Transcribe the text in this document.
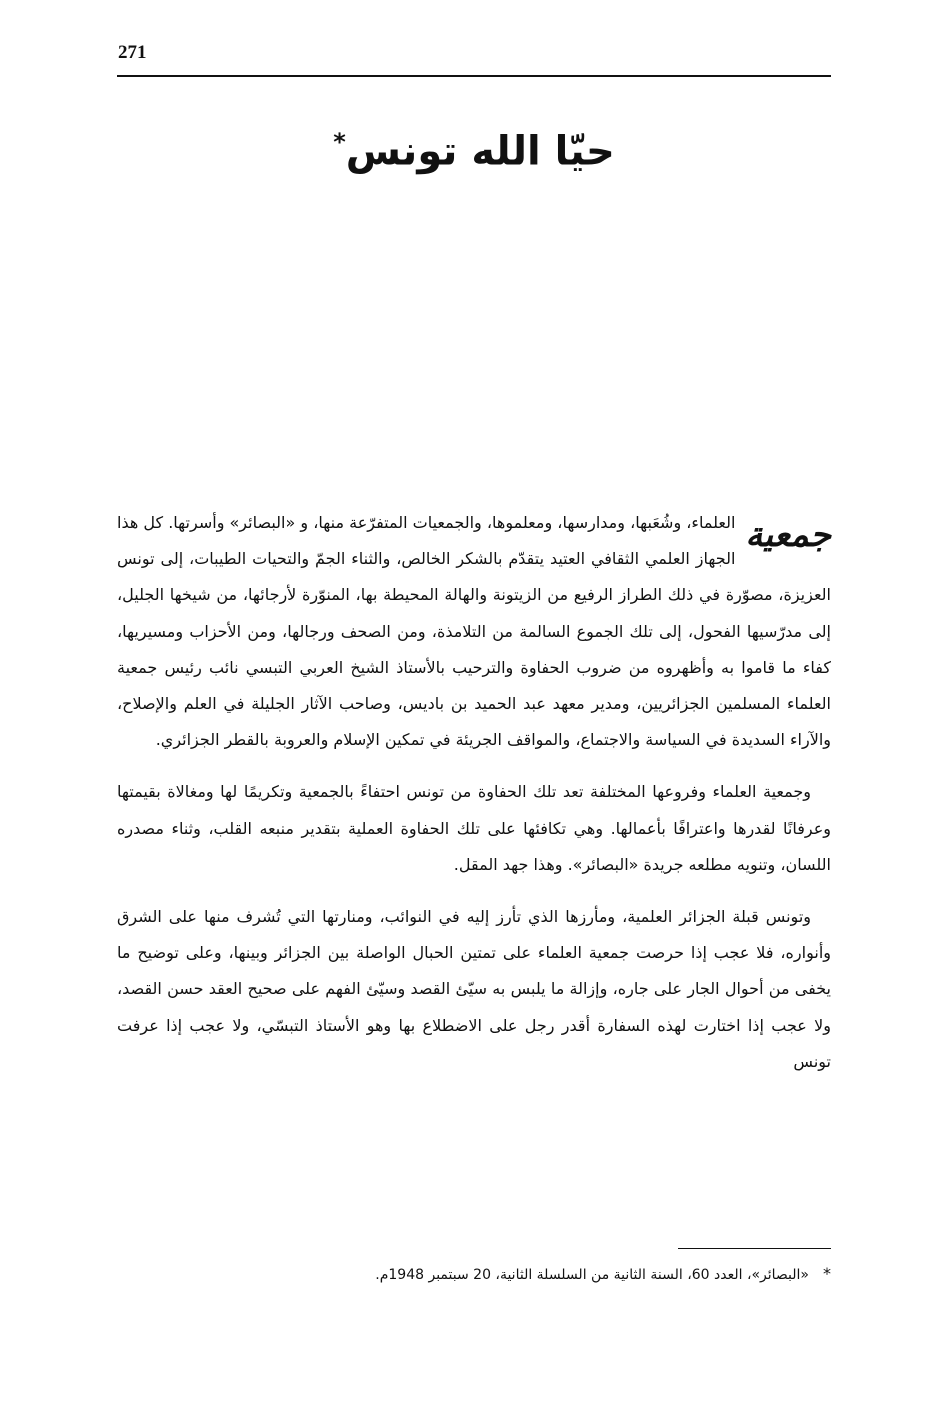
271
حيّا الله تونس*

جمعية
العلماء، وشُعَبها، ومدارسها، ومعلموها، والجمعيات المتفرّعة منها، و «البصائر» وأسرتها. كل هذا الجهاز العلمي الثقافي العتيد يتقدّم بالشكر الخالص، والثناء الجمّ والتحيات الطيبات، إلى تونس العزيزة، مصوّرة في ذلك الطراز الرفيع من الزيتونة والهالة المحيطة بها، المنوّرة لأرجائها، من شيخها الجليل، إلى مدرّسيها الفحول، إلى تلك الجموع السالمة من التلامذة، ومن الصحف ورجالها، ومن الأحزاب ومسيريها، كفاء ما قاموا به وأظهروه من ضروب الحفاوة والترحيب بالأستاذ الشيخ العربي التبسي نائب رئيس جمعية العلماء المسلمين الجزائريين، ومدير معهد عبد الحميد بن باديس، وصاحب الآثار الجليلة في العلم والإصلاح، والآراء السديدة في السياسة والاجتماع، والمواقف الجريئة في تمكين الإسلام والعروبة بالقطر الجزائري.

وجمعية العلماء وفروعها المختلفة تعد تلك الحفاوة من تونس احتفاءً بالجمعية وتكريمًا لها ومغالاة بقيمتها وعرفانًا لقدرها واعترافًا بأعمالها. وهي تكافئها على تلك الحفاوة العملية بتقدير منبعه القلب، وثناء مصدره اللسان، وتنويه مطلعه جريدة «البصائر». وهذا جهد المقل.

وتونس قبلة الجزائر العلمية، ومأرزها الذي تأرز إليه في النوائب، ومنارتها التي تُشرف منها على الشرق وأنواره، فلا عجب إذا حرصت جمعية العلماء على تمتين الحبال الواصلة بين الجزائر وبينها، وعلى توضيح ما يخفى من أحوال الجار على جاره، وإزالة ما يلبس به سيّئ القصد وسيّئ الفهم على صحيح العقد حسن القصد، ولا عجب إذا اختارت لهذه السفارة أقدر رجل على الاضطلاع بها وهو الأستاذ التبسّي، ولا عجب إذا عرفت تونس

*«البصائر»، العدد 60، السنة الثانية من السلسلة الثانية، 20 سبتمبر 1948م.
